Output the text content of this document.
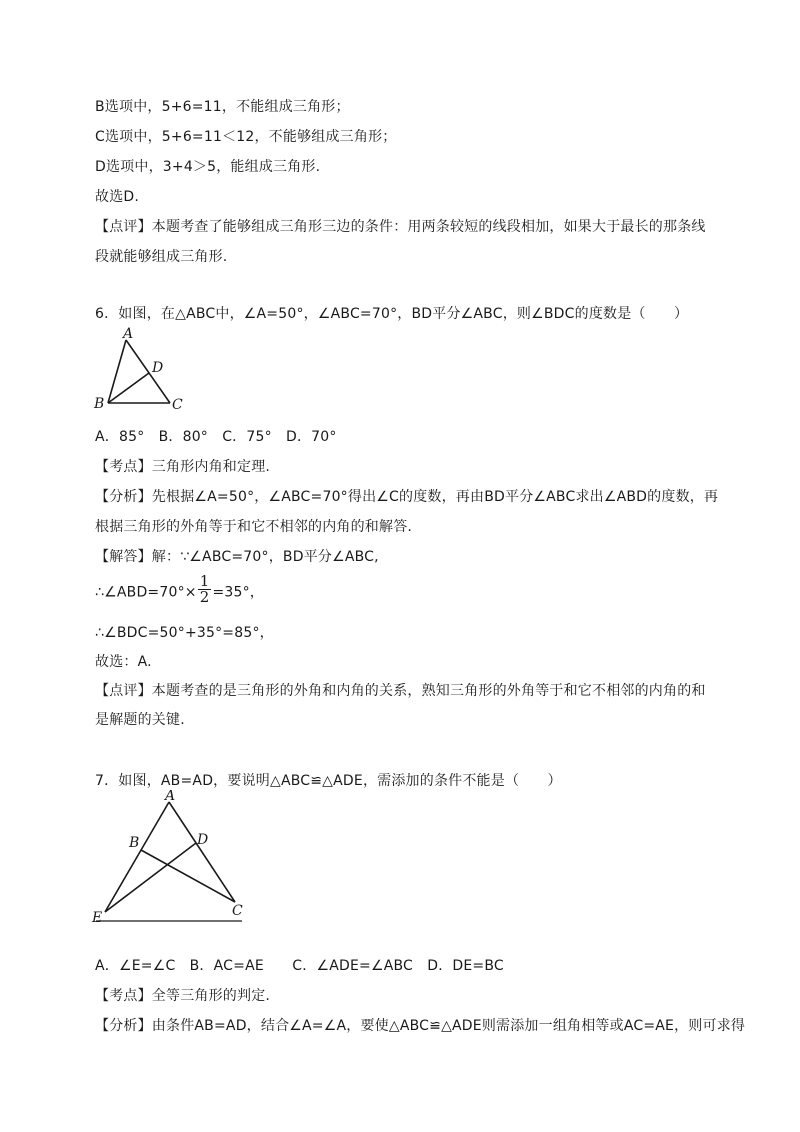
B选项中，5+6=11，不能组成三角形；
C选项中，5+6=11＜12，不能够组成三角形；
D选项中，3+4＞5，能组成三角形.
故选D.
【点评】本题考查了能够组成三角形三边的条件：用两条较短的线段相加，如果大于最长的那条线
段就能够组成三角形.
6．如图，在△ABC中，∠A=50°，∠ABC=70°，BD平分∠ABC，则∠BDC的度数是（　　）
A
B	C
D
A．85°　B．80°　C．75°　D．70°
【考点】三角形内角和定理.
【分析】先根据∠A=50°，∠ABC=70°得出∠C的度数，再由BD平分∠ABC求出∠ABD的度数，再
根据三角形的外角等于和它不相邻的内角的和解答.
【解答】解：∵∠ABC=70°，BD平分∠ABC,
∴∠ABD=70°× $\frac{1}{2} =35^\circ$，
∴∠BDC=50°+35°=85°，
故选：A.
【点评】本题考查的是三角形的外角和内角的关系，熟知三角形的外角等于和它不相邻的内角的和
是解题的关键.
7．如图，AB=AD，要说明△ABC≌△ADE，需添加的条件不能是（　　）
A
B	D
E	C
A．∠E=∠C　B．AC=AE　　C．∠ADE=∠ABC　D．DE=BC
【考点】全等三角形的判定.
【分析】由条件AB=AD，结合∠A=∠A，要使△ABC≌△ADE则需添加一组角相等或AC=AE，则可求得
